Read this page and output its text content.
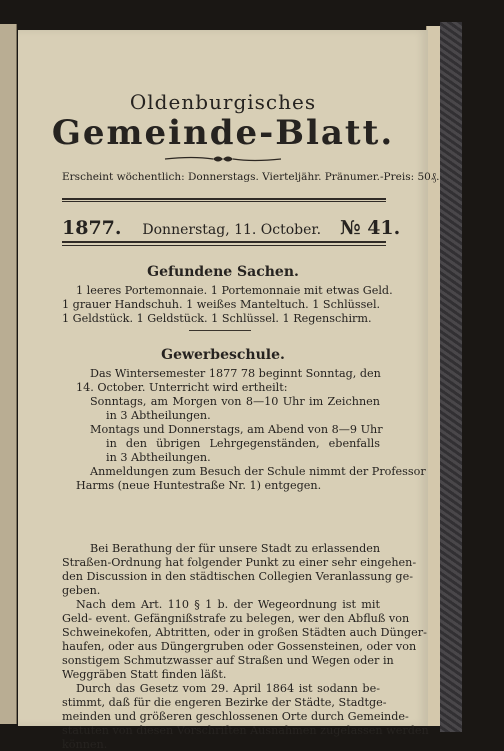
Oldenburgisches
Gemeinde-Blatt.
Erscheint wöchentlich: Donnerstags. Vierteljähr. Pränumer.-Preis: 50₰.
1877. Donnerstag, 11. October. № 41.
Gefundene Sachen.
1 leeres Portemonnaie. 1 Portemonnaie mit etwas Geld.
1 grauer Handschuh. 1 weißes Manteltuch. 1 Schlüssel.
1 Geldstück. 1 Geldstück. 1 Schlüssel. 1 Regenschirm.
Gewerbeschule.
Das Wintersemester 1877 78 beginnt Sonntag, den
14. October. Unterricht wird ertheilt:
Sonntags, am Morgen von 8—10 Uhr im Zeichnen
in 3 Abtheilungen.
Montags und Donnerstags, am Abend von 8—9 Uhr
in den übrigen Lehrgegenständen, ebenfalls
in 3 Abtheilungen.
Anmeldungen zum Besuch der Schule nimmt der Professor
Harms (neue Huntestraße Nr. 1) entgegen.
Bei Berathung der für unsere Stadt zu erlassenden
Straßen-Ordnung hat folgender Punkt zu einer sehr eingehen-
den Discussion in den städtischen Collegien Veranlassung ge-
geben.
Nach dem Art. 110 § 1 b. der Wegeordnung ist mit
Geld- event. Gefängnißstrafe zu belegen, wer den Abfluß von
Schweinekofen, Abtritten, oder in großen Städten auch Dünger-
haufen, oder aus Düngergruben oder Gossensteinen, oder von
sonstigem Schmutzwasser auf Straßen und Wegen oder in
Weggräben Statt finden läßt.
Durch das Gesetz vom 29. April 1864 ist sodann be-
stimmt, daß für die engeren Bezirke der Städte, Stadtge-
meinden und größeren geschlossenen Orte durch Gemeinde-
statuten von diesen Vorschriften Ausnahmen zugelassen werden
können.
